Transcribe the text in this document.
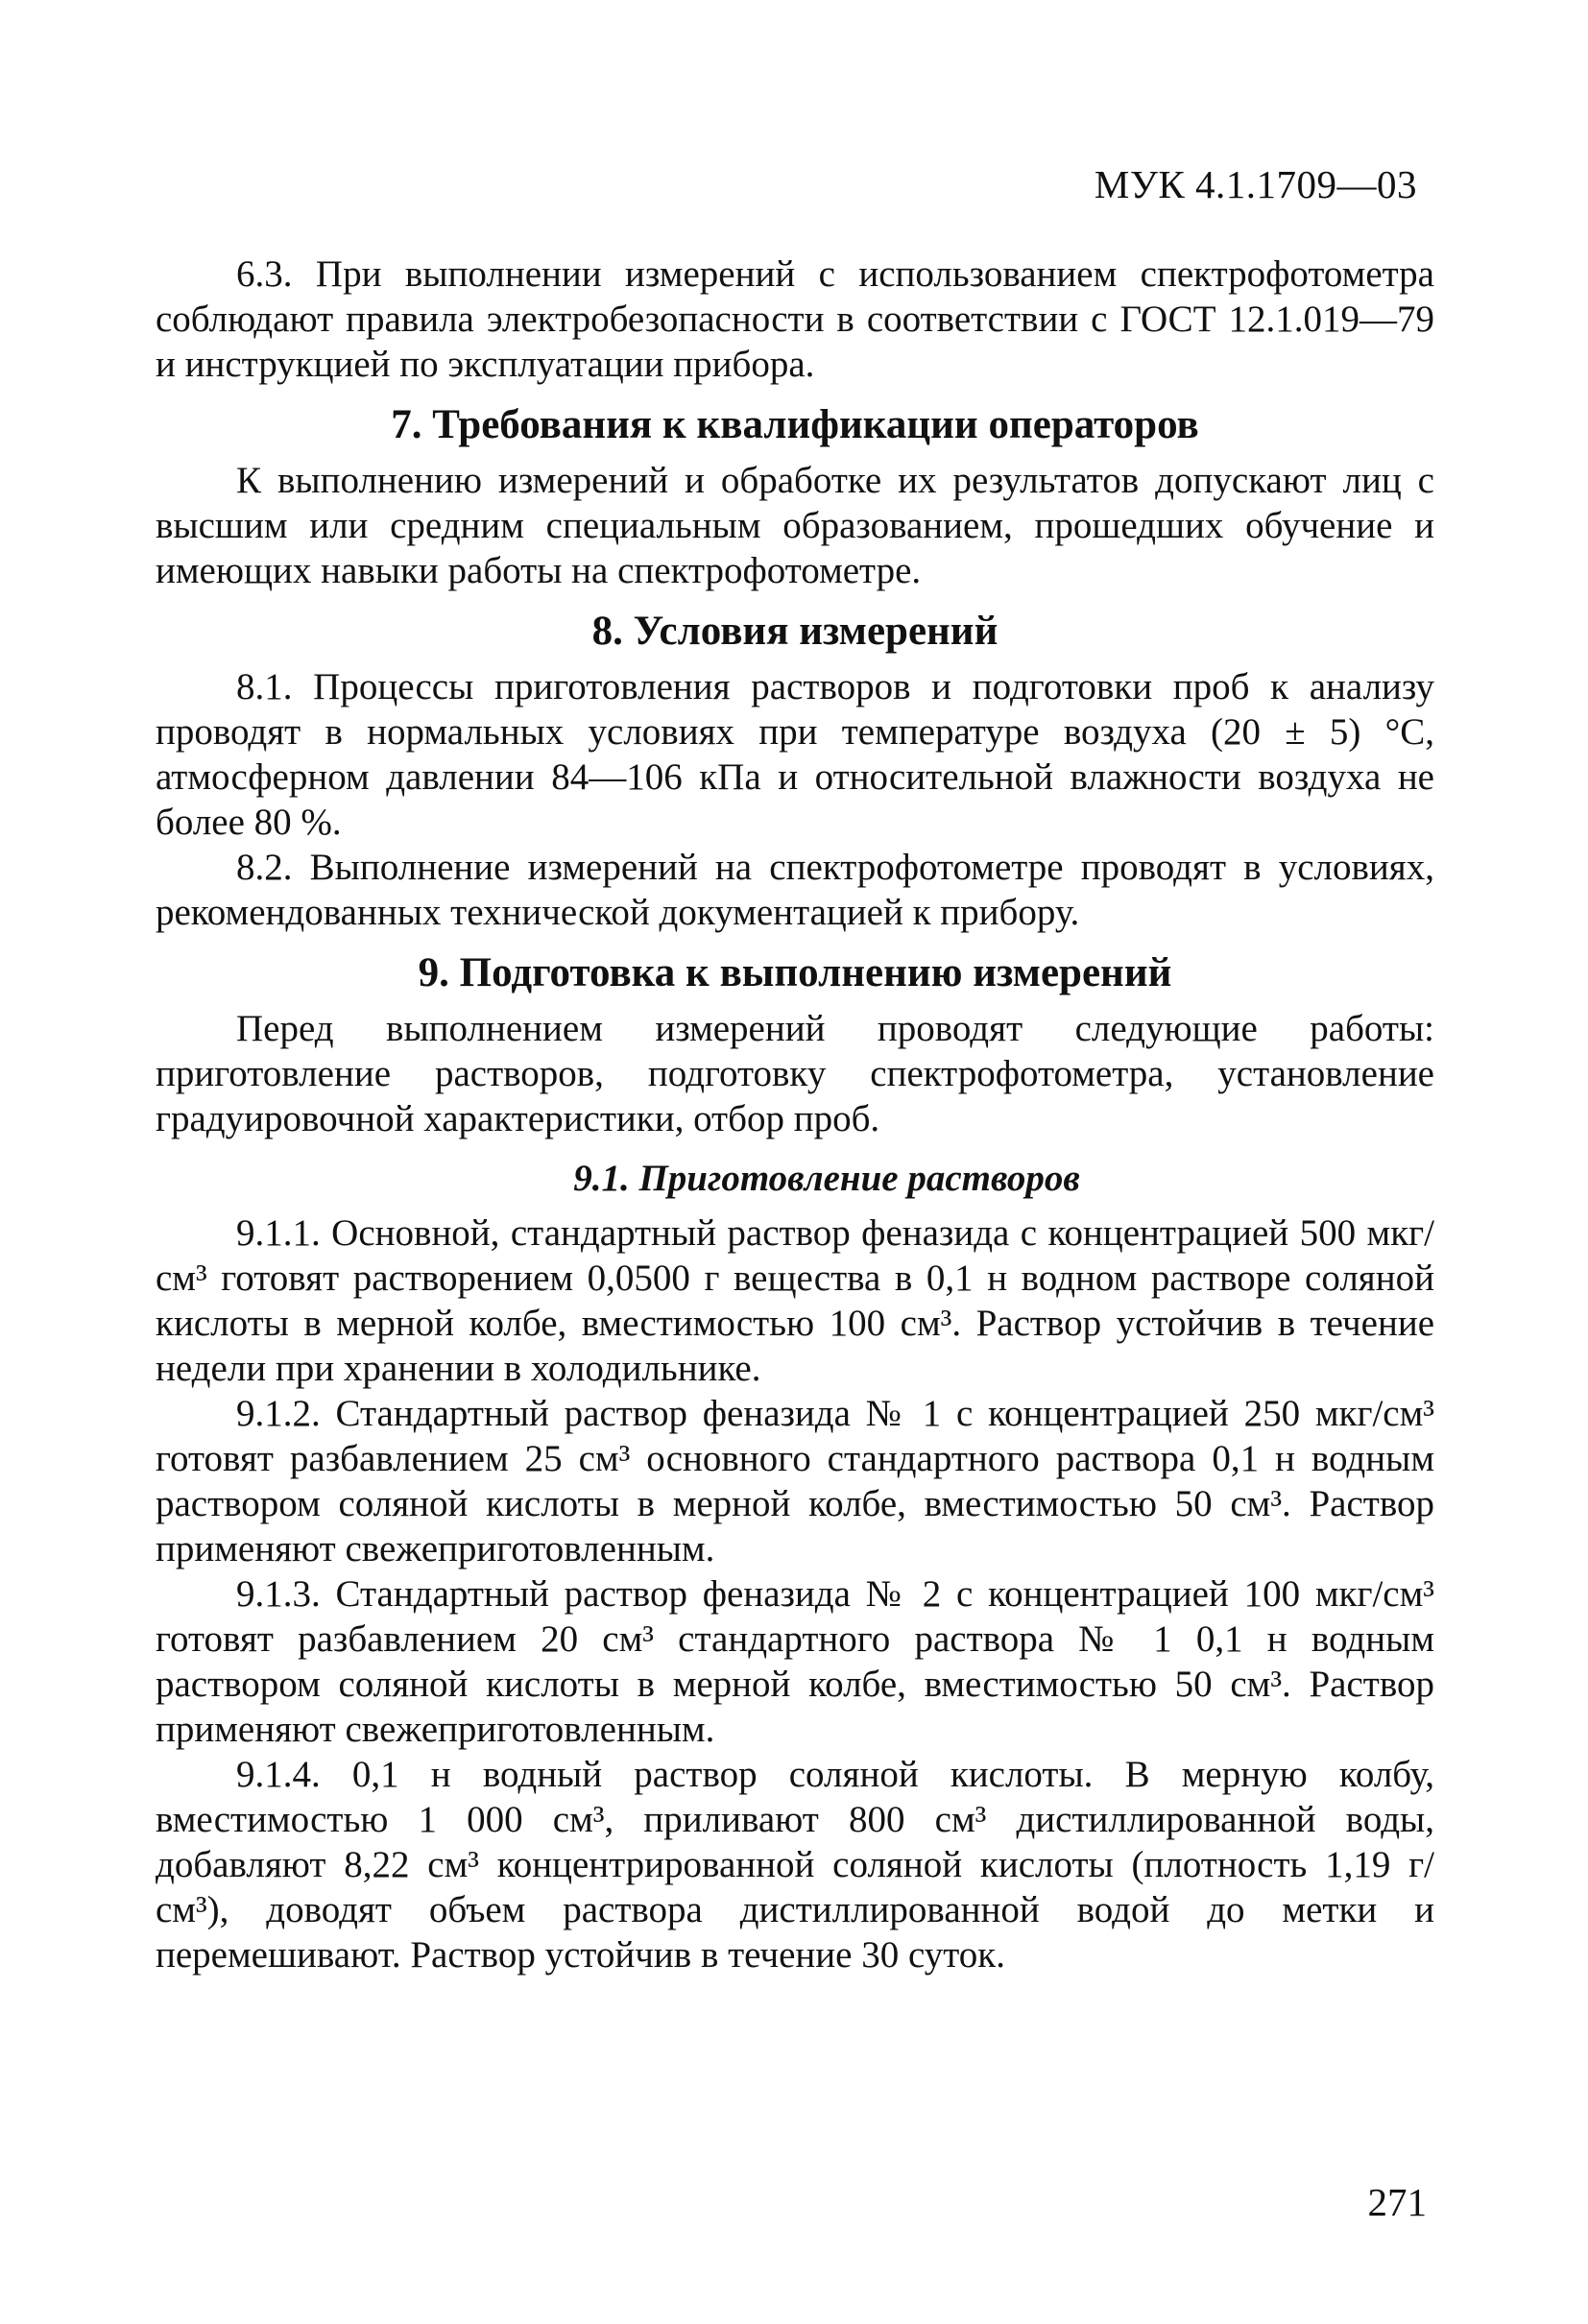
МУК 4.1.1709—03

6.3. При выполнении измерений с использованием спектрофотометра соблюдают правила электробезопасности в соответствии с ГОСТ 12.1.019—79 и инструкцией по эксплуатации прибора.

7. Требования к квалификации операторов

К выполнению измерений и обработке их результатов допускают лиц с высшим или средним специальным образованием, прошедших обучение и имеющих навыки работы на спектрофотометре.

8. Условия измерений

8.1. Процессы приготовления растворов и подготовки проб к анализу проводят в нормальных условиях при температуре воздуха (20 ± 5) °С, атмосферном давлении 84—106 кПа и относительной влажности воздуха не более 80 %.

8.2. Выполнение измерений на спектрофотометре проводят в условиях, рекомендованных технической документацией к прибору.

9. Подготовка к выполнению измерений

Перед выполнением измерений проводят следующие работы: приготовление растворов, подготовку спектрофотометра, установление градуировочной характеристики, отбор проб.

9.1. Приготовление растворов

9.1.1. Основной, стандартный раствор феназида с концентрацией 500 мкг/см³ готовят растворением 0,0500 г вещества в 0,1 н водном растворе соляной кислоты в мерной колбе, вместимостью 100 см³. Раствор устойчив в течение недели при хранении в холодильнике.

9.1.2. Стандартный раствор феназида № 1 с концентрацией 250 мкг/см³ готовят разбавлением 25 см³ основного стандартного раствора 0,1 н водным раствором соляной кислоты в мерной колбе, вместимостью 50 см³. Раствор применяют свежеприготовленным.

9.1.3. Стандартный раствор феназида № 2 с концентрацией 100 мкг/см³ готовят разбавлением 20 см³ стандартного раствора № 1 0,1 н водным раствором соляной кислоты в мерной колбе, вместимостью 50 см³. Раствор применяют свежеприготовленным.

9.1.4. 0,1 н водный раствор соляной кислоты. В мерную колбу, вместимостью 1 000 см³, приливают 800 см³ дистиллированной воды, добавляют 8,22 см³ концентрированной соляной кислоты (плотность 1,19 г/см³), доводят объем раствора дистиллированной водой до метки и перемешивают. Раствор устойчив в течение 30 суток.

271
